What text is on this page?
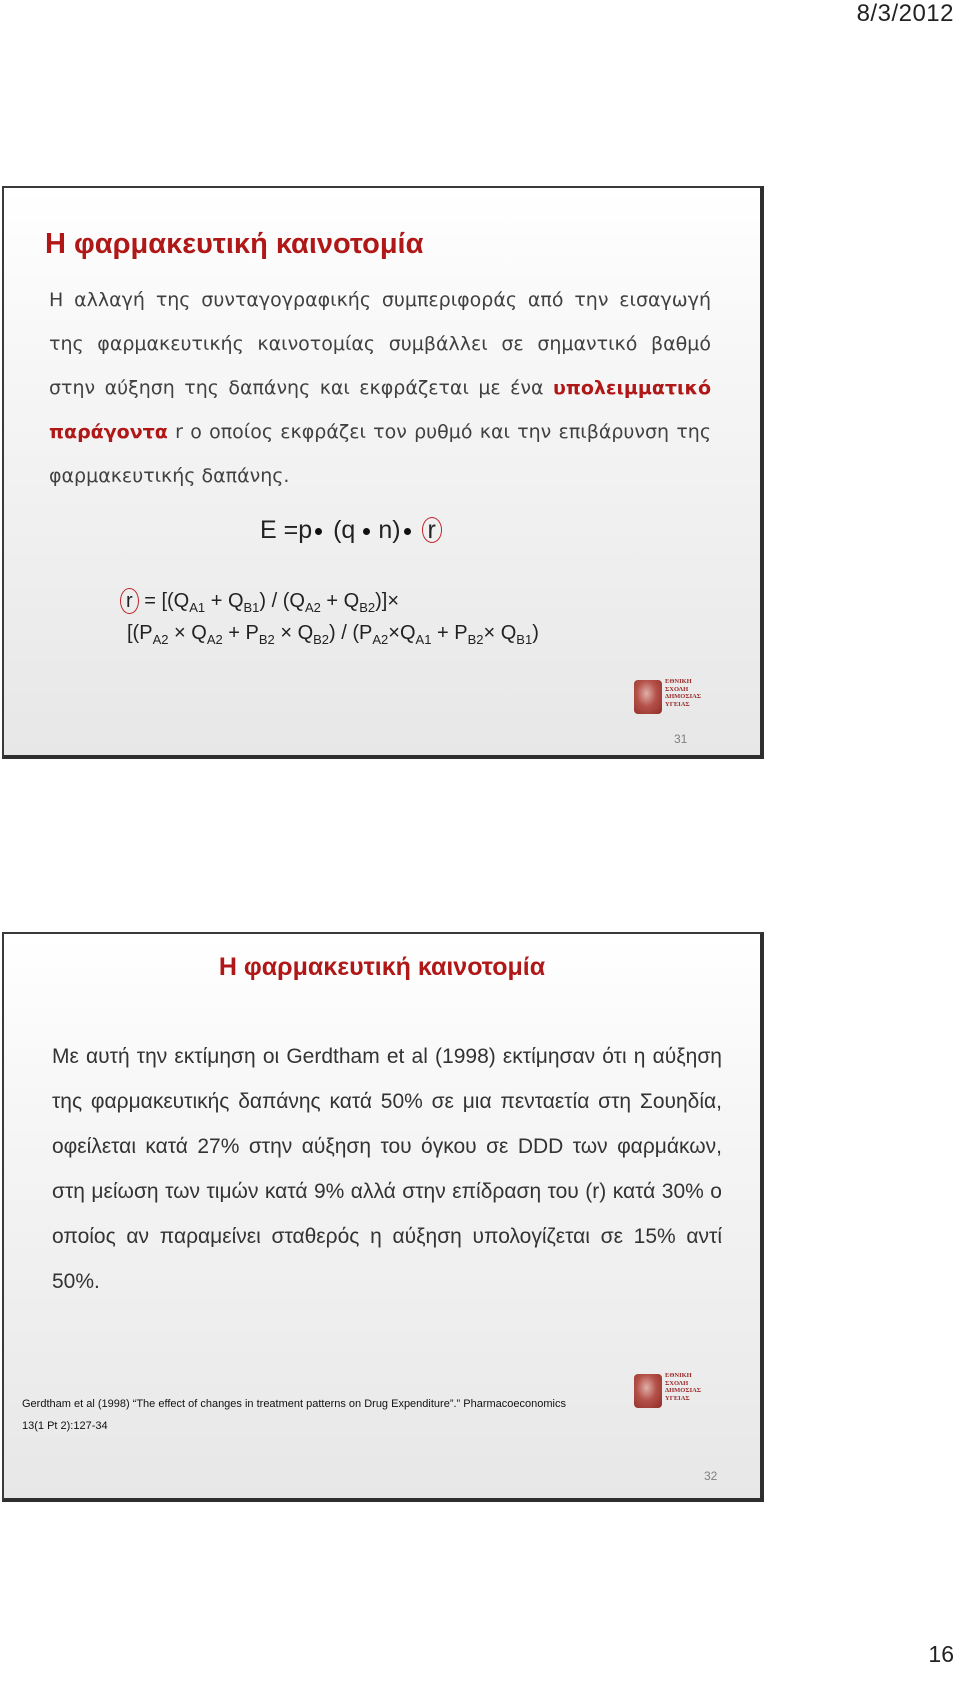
8/3/2012
Η φαρμακευτική καινοτομία
Η αλλαγή της συνταγογραφικής συμπεριφοράς από την εισαγωγή της φαρμακευτικής καινοτομίας συμβάλλει σε σημαντικό βαθμό στην αύξηση της δαπάνης και εκφράζεται με ένα υπολειμματικό παράγοντα r ο οποίος εκφράζει τον ρυθμό και την επιβάρυνση της φαρμακευτικής δαπάνης.
E =p (q n) r
$r = [(Q_{A1} + Q_{B1}) / (Q_{A2} + Q_{B2})]\times$
[$(P_{A2} \times Q_{A2} + P_{B2} \times Q_{B2}) / (P_{A2}\times Q_{A1} + P_{B2}\times Q_{B1})$
ΕΘΝΙΚΗ
ΣΧΟΛΗ
ΔΗΜΟΣΙΑΣ
ΥΓΕΙΑΣ
31
Η φαρμακευτική καινοτομία
Με αυτή την εκτίμηση οι Gerdtham et al (1998) εκτίμησαν ότι η αύξηση της φαρμακευτικής δαπάνης κατά 50% σε μια πενταετία στη Σουηδία, οφείλεται κατά 27% στην αύξηση του όγκου σε DDD των φαρμάκων, στη μείωση των τιμών κατά 9% αλλά στην επίδραση του (r) κατά 30% ο οποίος αν παραμείνει σταθερός η αύξηση υπολογίζεται σε 15% αντί 50%.
Gerdtham et al (1998) “The effect of changes in treatment patterns on Drug Expenditure”.” Pharmacoeconomics
13(1 Pt 2):127-34
ΕΘΝΙΚΗ
ΣΧΟΛΗ
ΔΗΜΟΣΙΑΣ
ΥΓΕΙΑΣ
32
16
